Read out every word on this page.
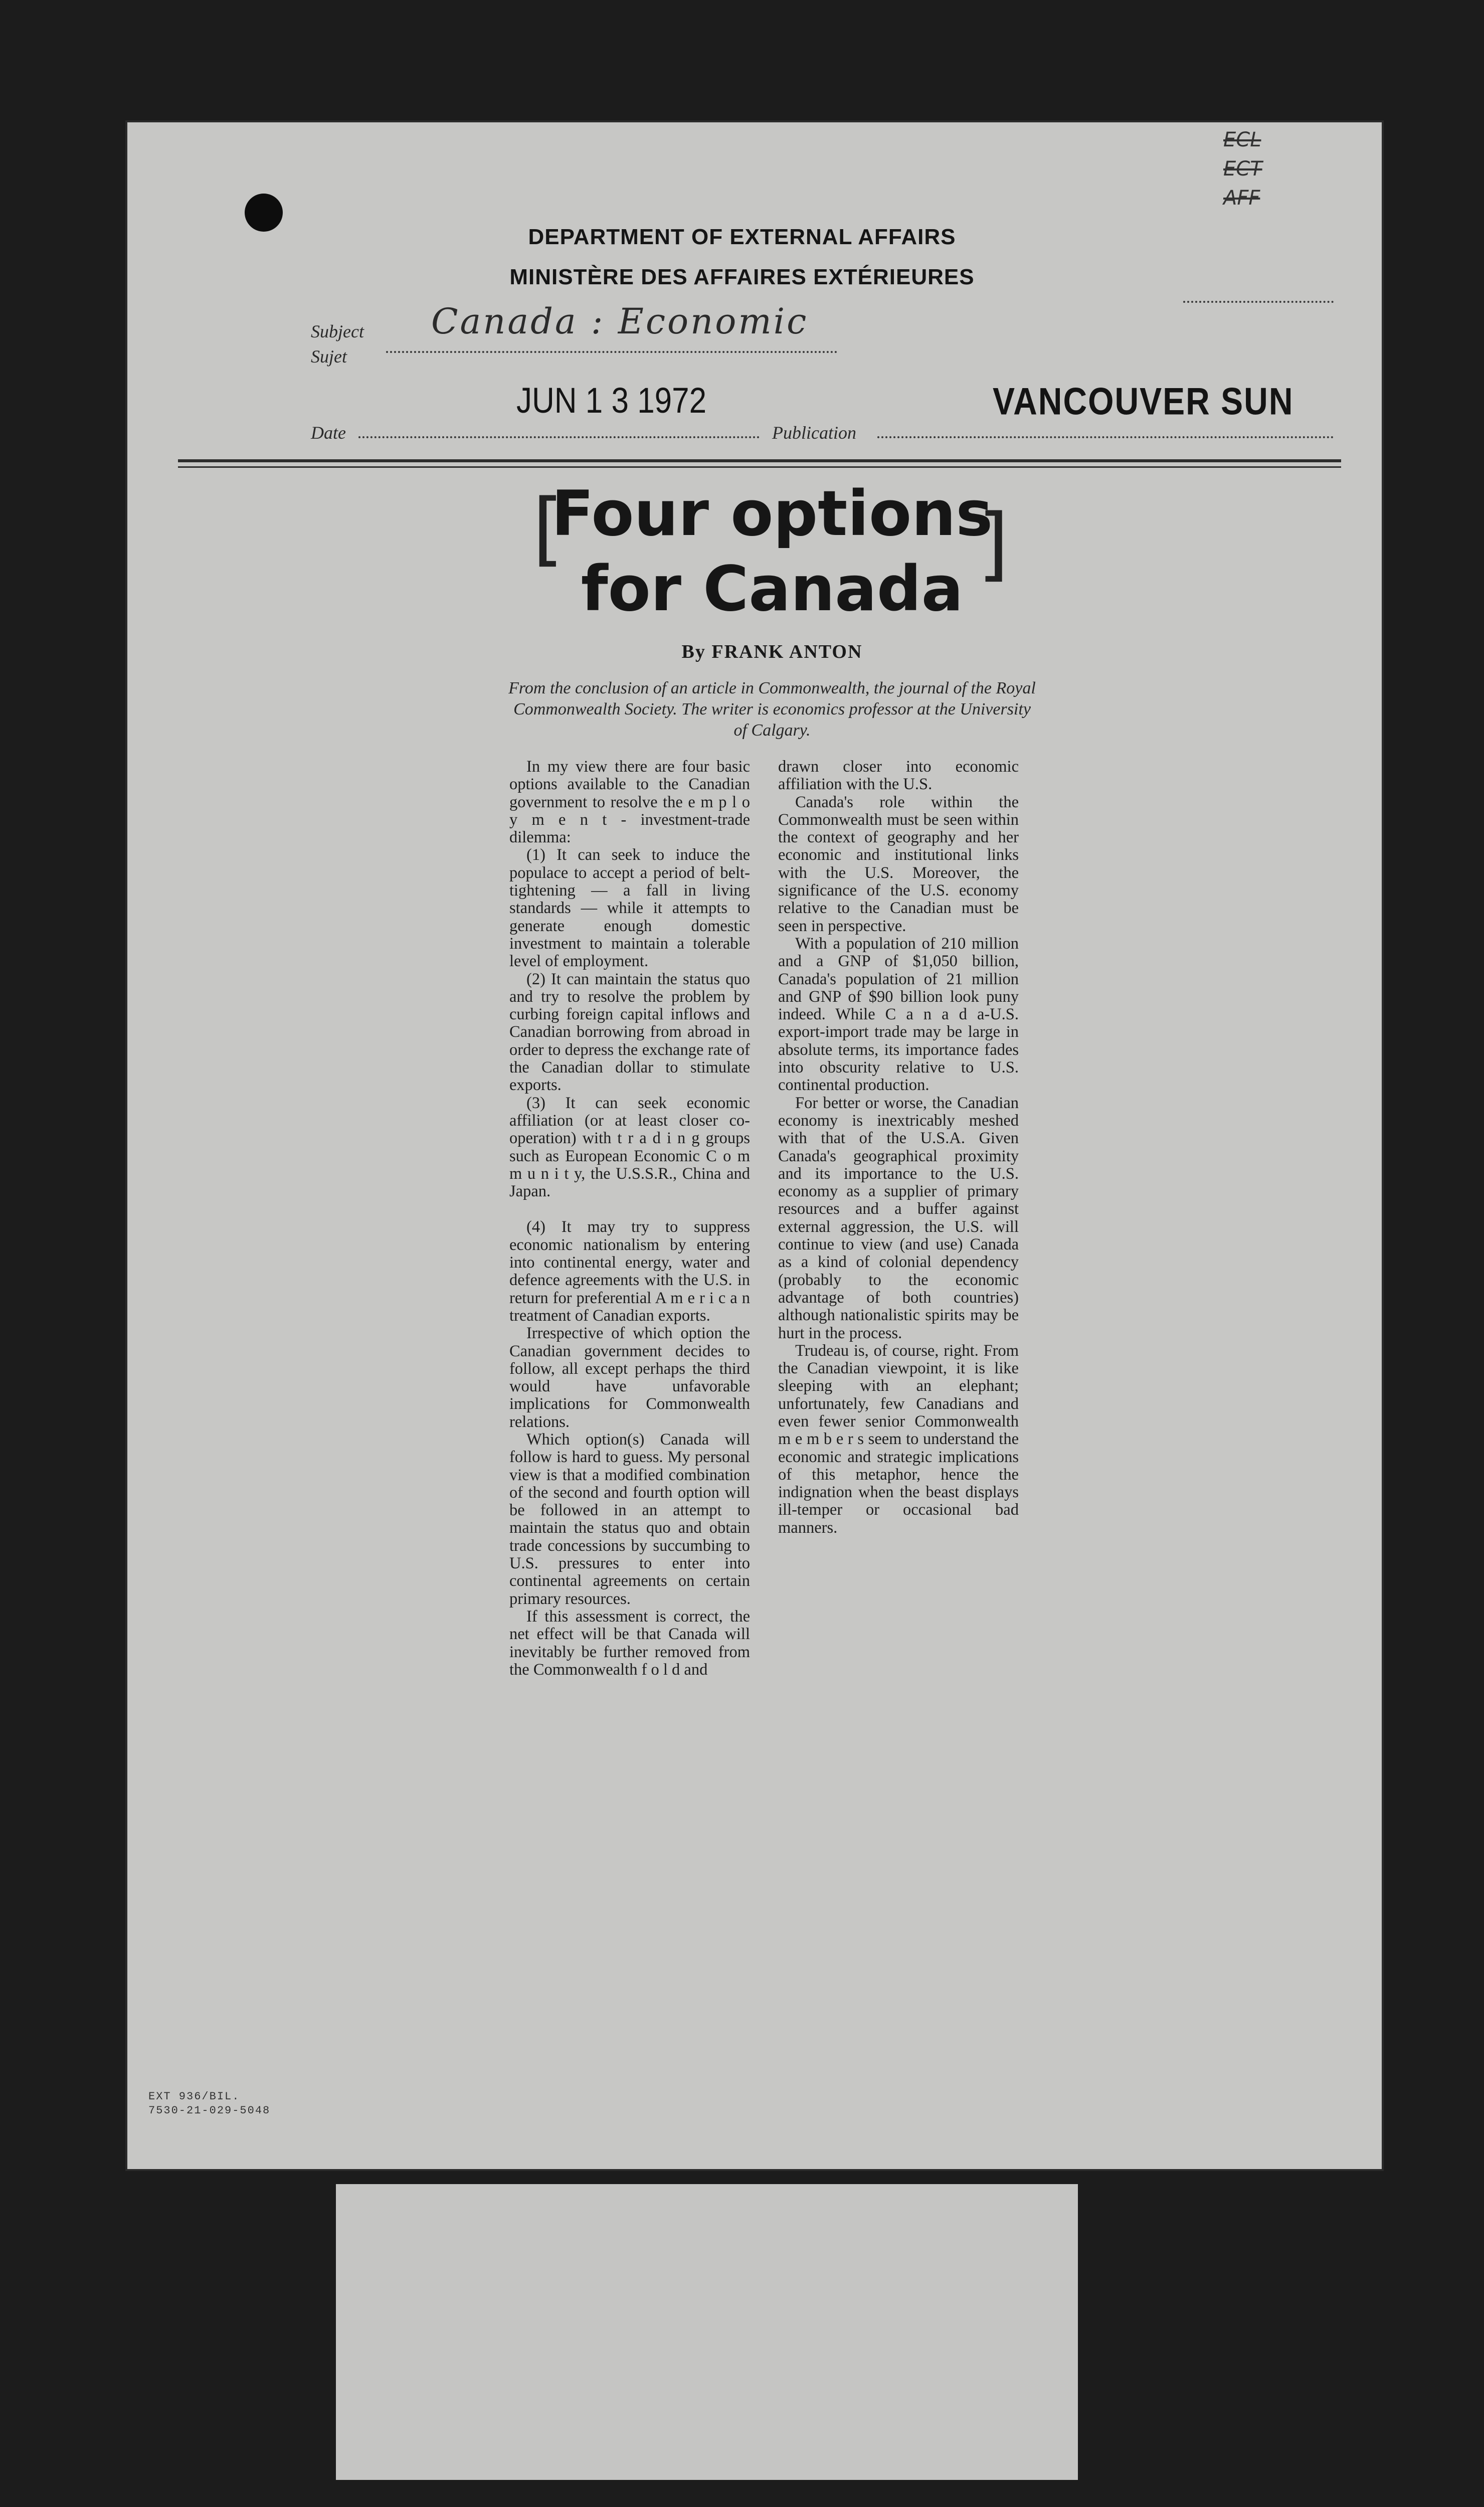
ECL
ECT
AFF
DEPARTMENT OF EXTERNAL AFFAIRS
MINISTÈRE DES AFFAIRES EXTÉRIEURES
Subject
Sujet
Canada : Economic
JUN 1 3 1972	VANCOUVER SUN
Date	Publication
[	]
Four options
for Canada
By FRANK ANTON
From the conclusion of an article in Commonwealth, the journal of the Royal Commonwealth Society. The writer is economics professor at the University of Calgary.

In my view there are four basic options available to the Canadian government to resolve the e m p l o y m e n t - investment-trade dilemma:

(1) It can seek to induce the populace to accept a period of belt-tightening — a fall in living standards — while it attempts to generate enough domestic investment to maintain a tolerable level of employment.

(2) It can maintain the status quo and try to resolve the problem by curbing foreign capital inflows and Canadian borrowing from abroad in order to depress the exchange rate of the Canadian dollar to stimulate exports.

(3) It can seek economic affiliation (or at least closer co-operation) with t r a d i n g groups such as European Economic C o m m u n i t y, the U.S.S.R., China and Japan.

(4) It may try to suppress economic nationalism by entering into continental energy, water and defence agreements with the U.S. in return for preferential A m e r i c a n treatment of Canadian exports.

Irrespective of which option the Canadian government decides to follow, all except perhaps the third would have unfavorable implications for Commonwealth relations.

Which option(s) Canada will follow is hard to guess. My personal view is that a modified combination of the second and fourth option will be followed in an attempt to maintain the status quo and obtain trade concessions by succumbing to U.S. pressures to enter into continental agreements on certain primary resources.

If this assessment is correct, the net effect will be that Canada will inevitably be further removed from the Commonwealth f o l d and

drawn closer into economic affiliation with the U.S.

Canada's role within the Commonwealth must be seen within the context of geography and her economic and institutional links with the U.S. Moreover, the significance of the U.S. economy relative to the Canadian must be seen in perspective.

With a population of 210 million and a GNP of $1,050 billion, Canada's population of 21 million and GNP of $90 billion look puny indeed. While C a n a d a-U.S. export-import trade may be large in absolute terms, its importance fades into obscurity relative to U.S. continental production.

For better or worse, the Canadian economy is inextricably meshed with that of the U.S.A. Given Canada's geographical proximity and its importance to the U.S. economy as a supplier of primary resources and a buffer against external aggression, the U.S. will continue to view (and use) Canada as a kind of colonial dependency (probably to the economic advantage of both countries) although nationalistic spirits may be hurt in the process.

Trudeau is, of course, right. From the Canadian viewpoint, it is like sleeping with an elephant; unfortunately, few Canadians and even fewer senior Commonwealth m e m b e r s seem to understand the economic and strategic implications of this metaphor, hence the indignation when the beast displays ill-temper or occasional bad manners.

EXT 936/BIL.
7530-21-029-5048
